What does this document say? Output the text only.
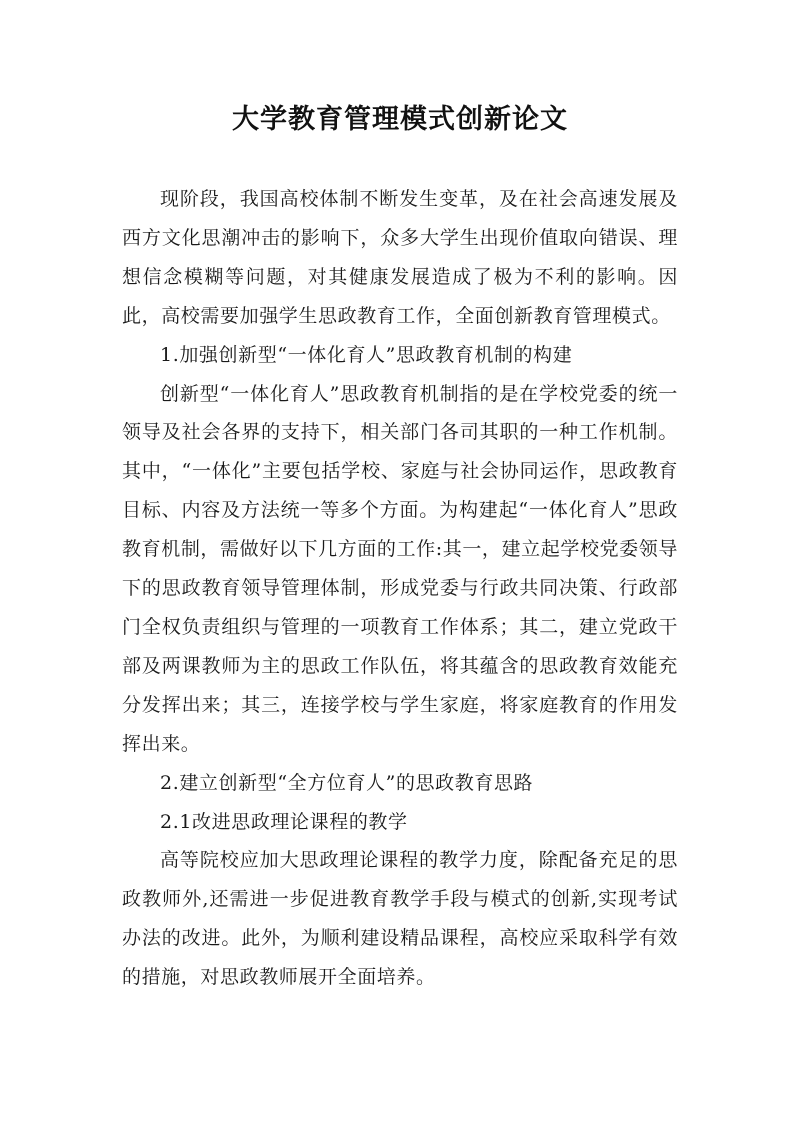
大学教育管理模式创新论文

现阶段，我国高校体制不断发生变革，及在社会高速发展及西方文化思潮冲击的影响下，众多大学生出现价值取向错误、理想信念模糊等问题，对其健康发展造成了极为不利的影响。因此，高校需要加强学生思政教育工作，全面创新教育管理模式。

1.加强创新型“一体化育人”思政教育机制的构建

创新型“一体化育人”思政教育机制指的是在学校党委的统一领导及社会各界的支持下，相关部门各司其职的一种工作机制。其中，“一体化”主要包括学校、家庭与社会协同运作，思政教育目标、内容及方法统一等多个方面。为构建起“一体化育人”思政教育机制，需做好以下几方面的工作:其一，建立起学校党委领导下的思政教育领导管理体制，形成党委与行政共同决策、行政部门全权负责组织与管理的一项教育工作体系；其二，建立党政干部及两课教师为主的思政工作队伍，将其蕴含的思政教育效能充分发挥出来；其三，连接学校与学生家庭，将家庭教育的作用发挥出来。

2.建立创新型“全方位育人”的思政教育思路

2.1改进思政理论课程的教学

高等院校应加大思政理论课程的教学力度，除配备充足的思政教师外,还需进一步促进教育教学手段与模式的创新,实现考试办法的改进。此外，为顺利建设精品课程，高校应采取科学有效的措施，对思政教师展开全面培养。
